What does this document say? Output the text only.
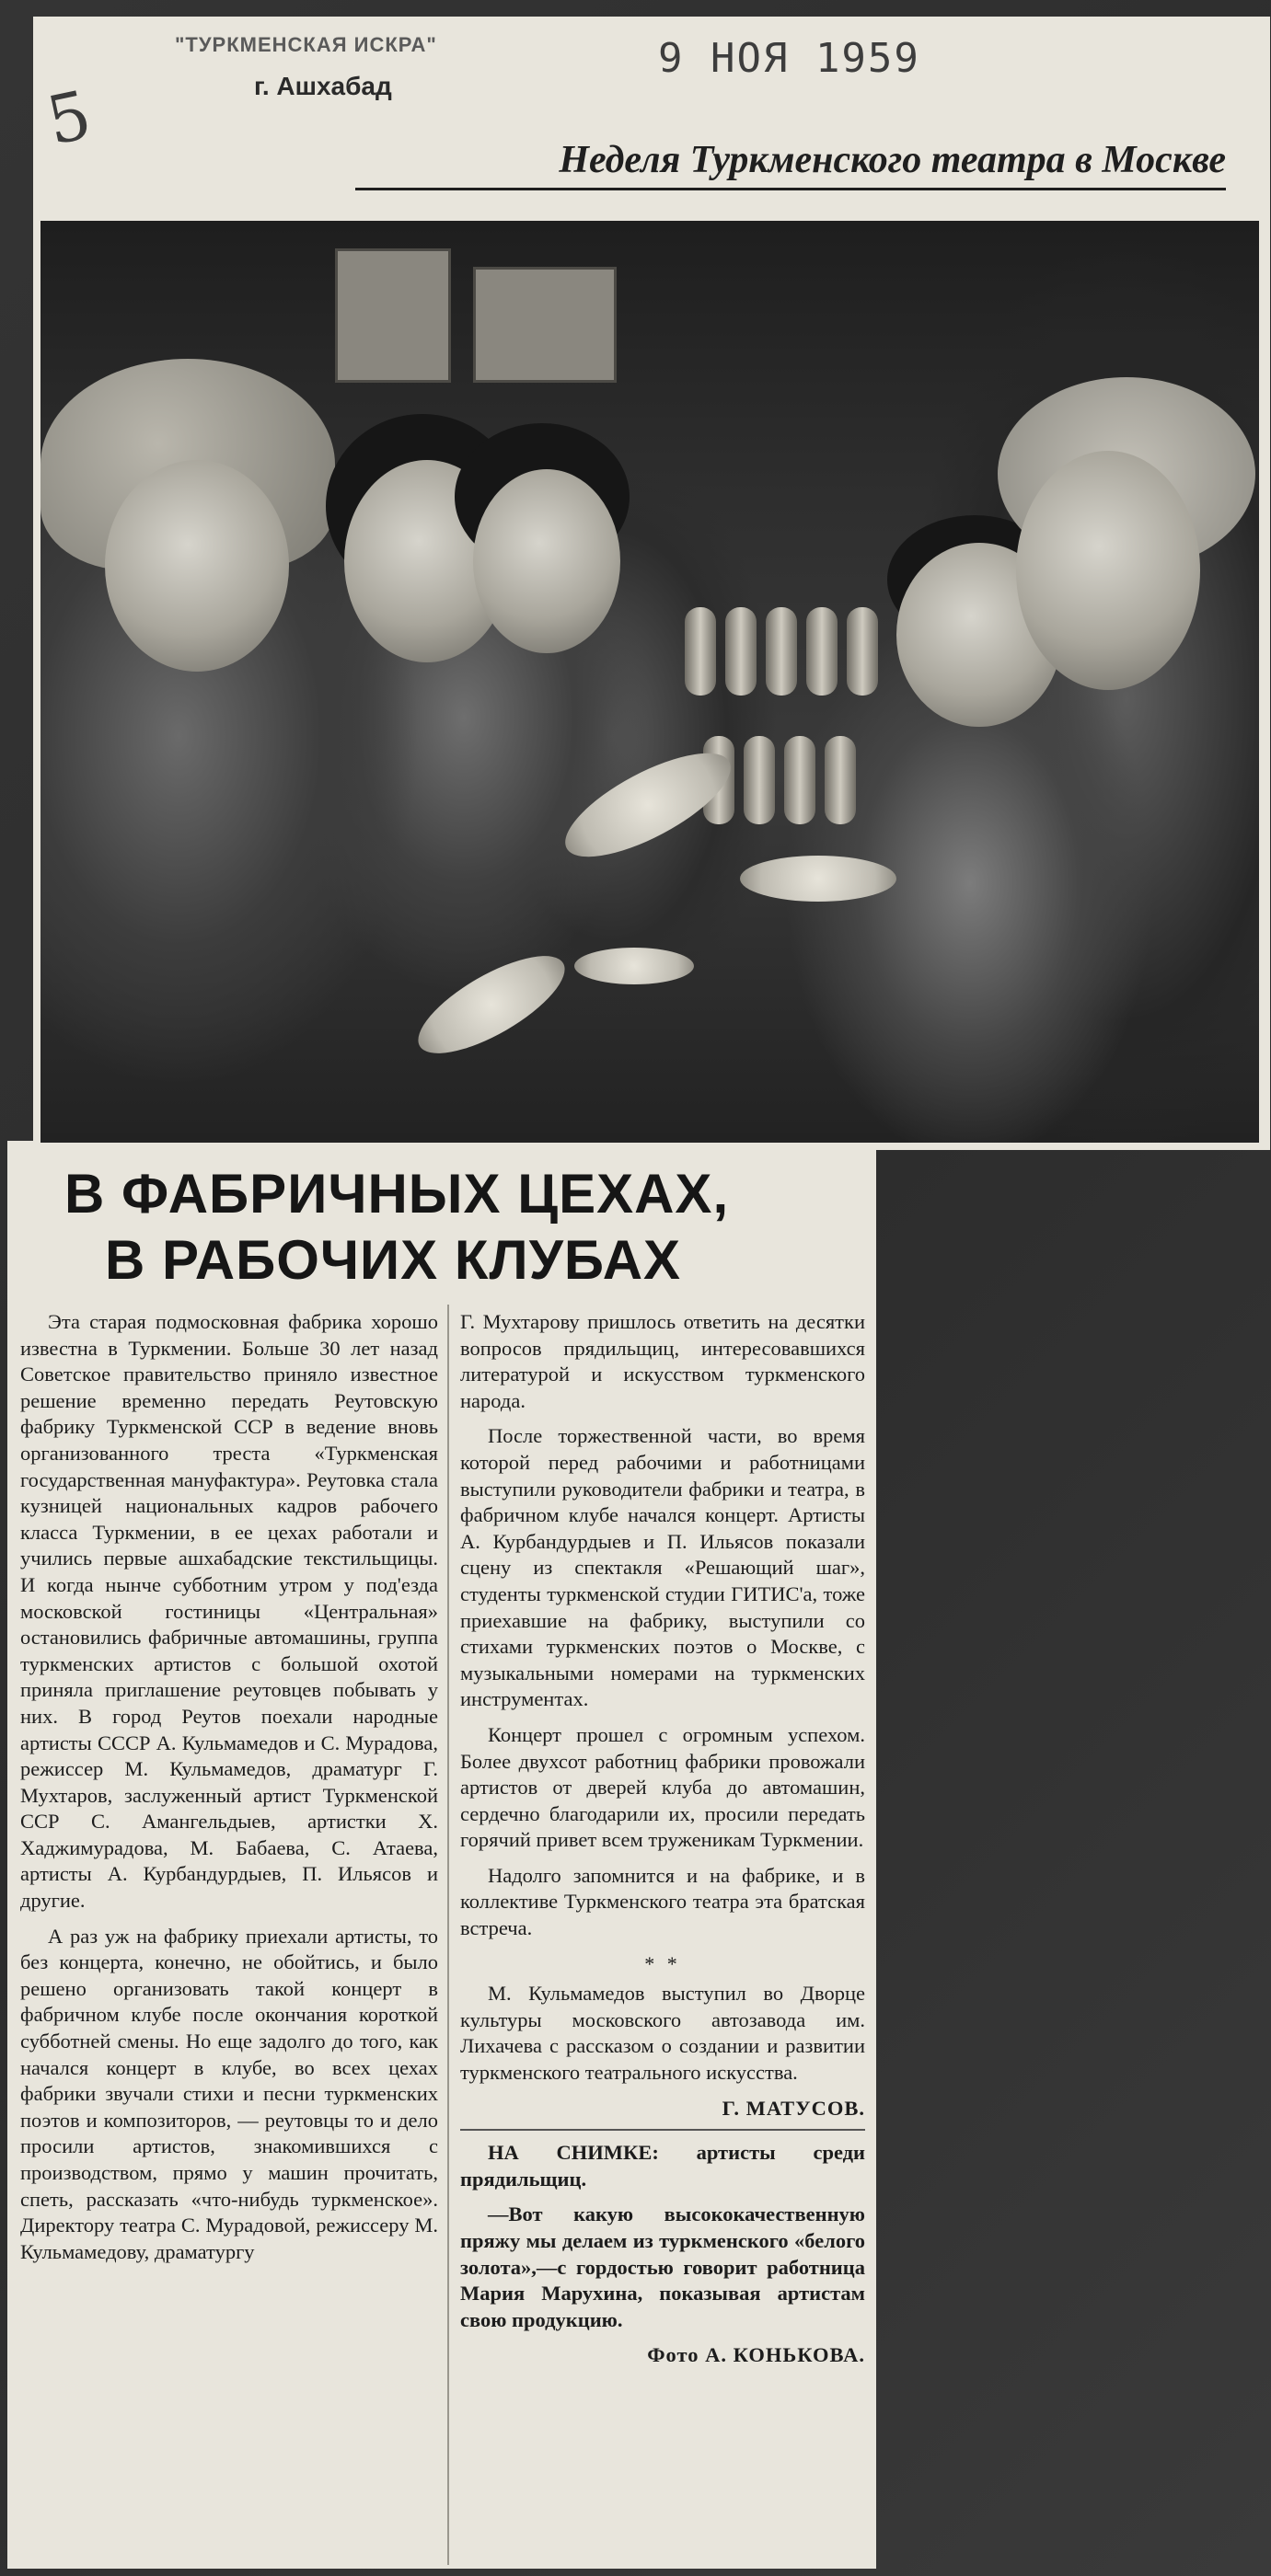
"ТУРКМЕНСКАЯ ИСКРА"
г. Ашхабад
9 НОЯ 1959
5
Неделя Туркменского театра в Москве
В ФАБРИЧНЫХ ЦЕХАХ,
В РАБОЧИХ КЛУБАХ

Эта старая подмосковная фабрика хорошо известна в Туркмении. Больше 30 лет назад Советское правительство приняло известное решение временно передать Реутовскую фабрику Туркменской ССР в ведение вновь организованного треста «Туркменская государственная мануфактура». Реутовка стала кузницей национальных кадров рабочего класса Туркмении, в ее цехах работали и учились первые ашхабадские текстильщицы. И когда нынче субботним утром у под'езда московской гостиницы «Центральная» остановились фабричные автомашины, группа туркменских артистов с большой охотой приняла приглашение реутовцев побывать у них. В город Реутов поехали народные артисты СССР А. Кульмамедов и С. Мурадова, режиссер М. Кульмамедов, драматург Г. Мухтаров, заслуженный артист Туркменской ССР С. Амангельдыев, артистки Х. Хаджимурадова, М. Бабаева, С. Атаева, артисты А. Курбандурдыев, П. Ильясов и другие.

А раз уж на фабрику приехали артисты, то без концерта, конечно, не обойтись, и было решено организовать такой концерт в фабричном клубе после окончания короткой субботней смены. Но еще задолго до того, как начался концерт в клубе, во всех цехах фабрики звучали стихи и песни туркменских поэтов и композиторов, — реутовцы то и дело просили артистов, знакомившихся с производством, прямо у машин прочитать, спеть, рассказать «что-нибудь туркменское». Директору театра С. Мурадовой, режиссеру М. Кульмамедову, драматургу

Г. Мухтарову пришлось ответить на десятки вопросов прядильщиц, интересовавшихся литературой и искусством туркменского народа.

После торжественной части, во время которой перед рабочими и работницами выступили руководители фабрики и театра, в фабричном клубе начался концерт. Артисты А. Курбандурдыев и П. Ильясов показали сцену из спектакля «Решающий шаг», студенты туркменской студии ГИТИС'а, тоже приехавшие на фабрику, выступили со стихами туркменских поэтов о Москве, с музыкальными номерами на туркменских инструментах.

Концерт прошел с огромным успехом. Более двухсот работниц фабрики провожали артистов от дверей клуба до автомашин, сердечно благодарили их, просили передать горячий привет всем труженикам Туркмении.

Надолго запомнится и на фабрике, и в коллективе Туркменского театра эта братская встреча.

* *

М. Кульмамедов выступил во Дворце культуры московского автозавода им. Лихачева с рассказом о создании и развитии туркменского театрального искусства.

Г. МАТУСОВ.

НА СНИМКЕ: артисты среди прядильщиц.

—Вот какую высококачественную пряжу мы делаем из туркменского «белого золота»,—с гордостью говорит работница Мария Марухина, показывая артистам свою продукцию.

Фото А. КОНЬКОВА.
